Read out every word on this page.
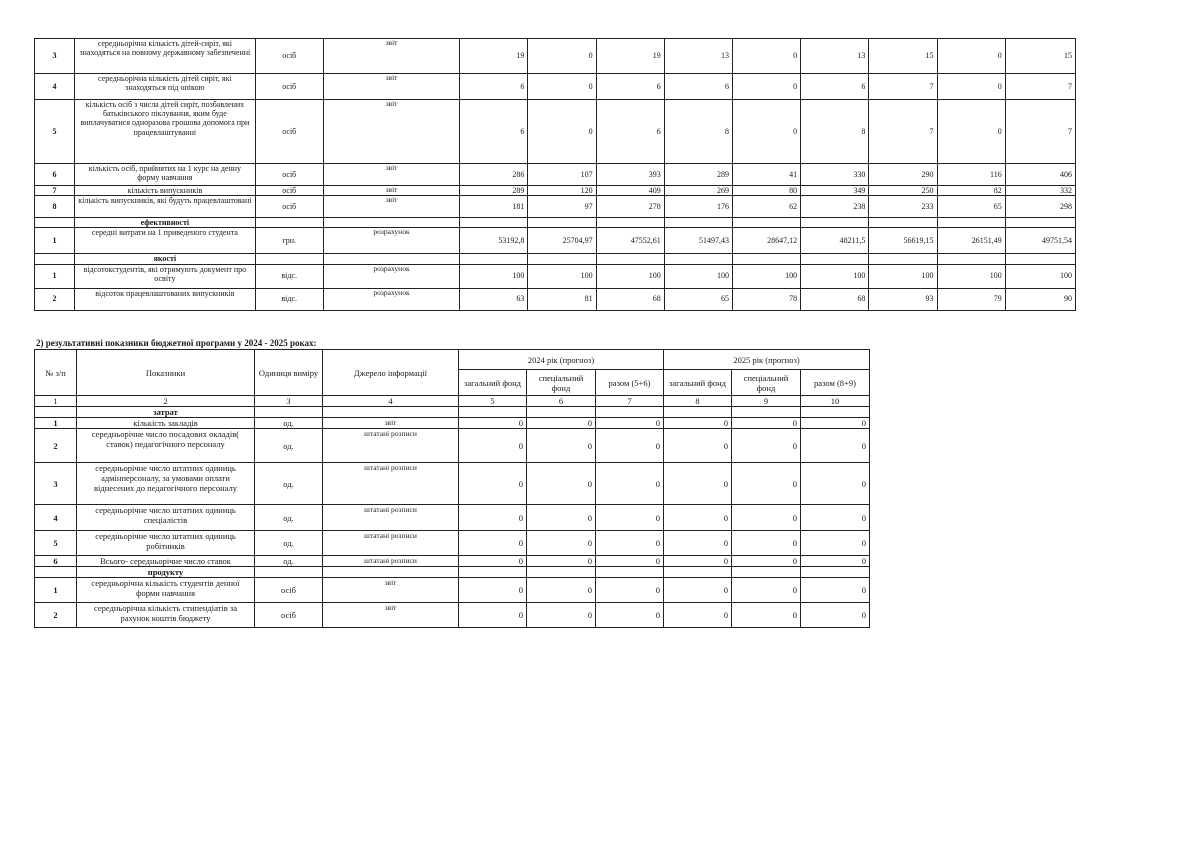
3	середньорічна кількість дітей-сиріт, які знаходяться на повному державному забезпеченні	осіб	звіт	19	0	19	13	0	13	15	0	15
4	середньорічна кількість дітей сиріт, які знаходяться під опікою	осіб	звіт	6	0	6	6	0	6	7	0	7
5	кількість осіб з числа дітей сиріт, позбавлених батьківського піклування, яким буде виплачуватися одноразова грошова допомога при працевлаштуванні	осіб	звіт	6	0	6	8	0	8	7	0	7
6	кількість осіб, прийнятих на 1 курс на денну форму навчання	осіб	звіт	286	107	393	289	41	330	290	116	406
7	кількість випускників	осіб	звіт	289	120	409	269	80	349	250	82	332
8	кількість випускників, які будуть працевлаштовані	осіб	звіт	181	97	278	176	62	238	233	65	298
	ефективності											
1	середні витрати на 1 приведеного студента	грн.	розрахунок	53192,8	25704,97	47552,61	51497,43	28647,12	48211,5	56619,15	26151,49	49751,54
	якості											
1	відсотокстудентів, які отримують документ про освіту	відс.	розрахунок	100	100	100	100	100	100	100	100	100
2	відсоток працевлаштованих випускників	відс.	розрахунок	63	81	68	65	78	68	93	79	90
2) результативні показники бюджетної програми у 2024 - 2025 роках:
№ з/п	Показники	Одиниця виміру	Джерело інформації	2024 рік (прогноз)			2025 рік (прогноз)		
				загальний фонд	спеціальний фонд	разом (5+6)	загальний фонд	спеціальний фонд	разом (8+9)
1	2	3	4	5	6	7	8	9	10
	затрат								
1	кількість закладів	од.	звіт	0	0	0	0	0	0
2	середньорічне число посадових окладів( ставок) педагогічного персоналу	од.	штатані розписи	0	0	0	0	0	0
3	середньорічне число штатних одиниць адмінперсоналу, за умовами оплати віднесених до педагогічного персоналу	од.	штатані розписи	0	0	0	0	0	0
4	середньорічне число штатних одиниць спеціалістів	од.	штатані розписи	0	0	0	0	0	0
5	середньорічне число штатних одиниць робітників	од.	штатані розписи	0	0	0	0	0	0
6	Всього- середньорічне число ставок	од.	штатані розписи	0	0	0	0	0	0
	продукту								
1	середньорічна кількість студентів денної форми навчання	осіб	звіт	0	0	0	0	0	0
2	середньорічна кількість стипендіатів за рахунок коштів бюджету	осіб	звіт	0	0	0	0	0	0
